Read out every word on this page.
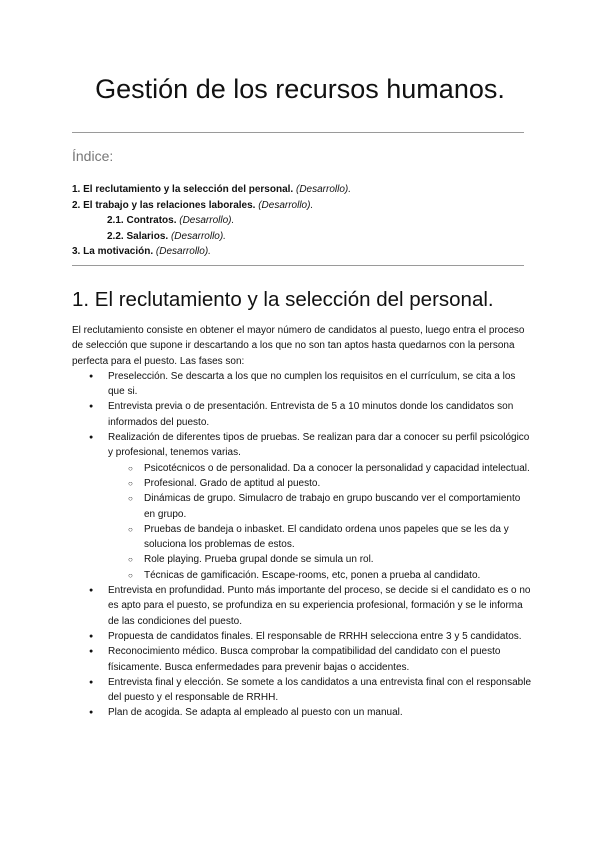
Gestión de los recursos humanos.
Índice:
1. El reclutamiento y la selección del personal. (Desarrollo).
2. El trabajo y las relaciones laborales. (Desarrollo).
2.1. Contratos. (Desarrollo).
2.2. Salarios. (Desarrollo).
3. La motivación. (Desarrollo).
1. El reclutamiento y la selección del personal.

El reclutamiento consiste en obtener el mayor número de candidatos al puesto, luego entra el proceso de selección que supone ir descartando a los que no son tan aptos hasta quedarnos con la persona perfecta para el puesto. Las fases son:

● Preselección. Se descarta a los que no cumplen los requisitos en el currículum, se cita a los que si.
● Entrevista previa o de presentación. Entrevista de 5 a 10 minutos donde los candidatos son informados del puesto.
● Realización de diferentes tipos de pruebas. Se realizan para dar a conocer su perfil psicológico y profesional, tenemos varias.
○ Psicotécnicos o de personalidad. Da a conocer la personalidad y capacidad intelectual.
○ Profesional. Grado de aptitud al puesto.
○ Dinámicas de grupo. Simulacro de trabajo en grupo buscando ver el comportamiento en grupo.
○ Pruebas de bandeja o inbasket. El candidato ordena unos papeles que se les da y soluciona los problemas de estos.
○ Role playing. Prueba grupal donde se simula un rol.
○ Técnicas de gamificación. Escape-rooms, etc, ponen a prueba al candidato.
● Entrevista en profundidad. Punto más importante del proceso, se decide si el candidato es o no es apto para el puesto, se profundiza en su experiencia profesional, formación y se le informa de las condiciones del puesto.
● Propuesta de candidatos finales. El responsable de RRHH selecciona entre 3 y 5 candidatos.
● Reconocimiento médico. Busca comprobar la compatibilidad del candidato con el puesto físicamente. Busca enfermedades para prevenir bajas o accidentes.
● Entrevista final y elección. Se somete a los candidatos a una entrevista final con el responsable del puesto y el responsable de RRHH.
● Plan de acogida. Se adapta al empleado al puesto con un manual.
